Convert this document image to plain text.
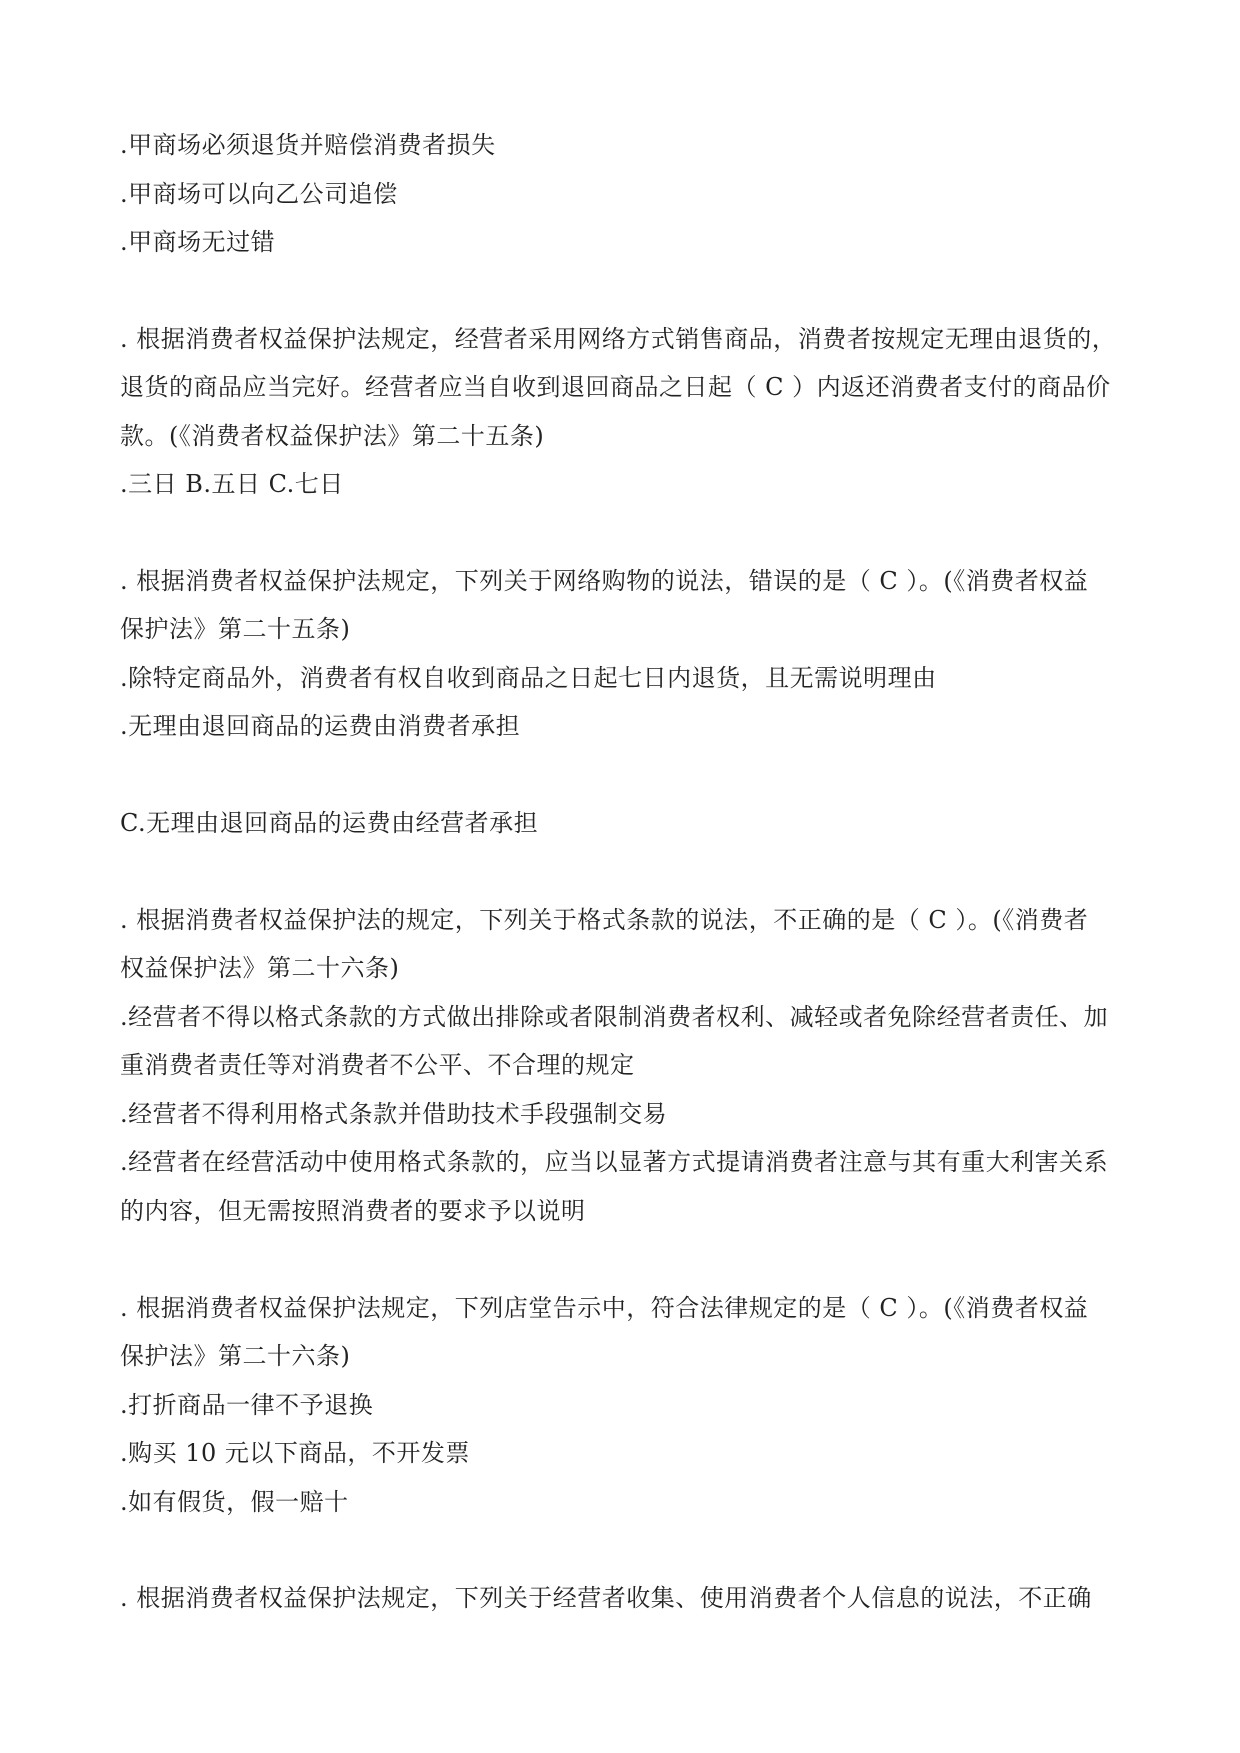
.甲商场必须退货并赔偿消费者损失
.甲商场可以向乙公司追偿
.甲商场无过错
. 根据消费者权益保护法规定，经营者采用网络方式销售商品，消费者按规定无理由退货的，
退货的商品应当完好。经营者应当自收到退回商品之日起（ C ）内返还消费者支付的商品价
款。(《消费者权益保护法》第二十五条)
.三日 B.五日 C.七日
. 根据消费者权益保护法规定，下列关于网络购物的说法，错误的是（ C ）。(《消费者权益
保护法》第二十五条)
.除特定商品外，消费者有权自收到商品之日起七日内退货，且无需说明理由
.无理由退回商品的运费由消费者承担
C.无理由退回商品的运费由经营者承担
. 根据消费者权益保护法的规定，下列关于格式条款的说法，不正确的是（ C ）。(《消费者
权益保护法》第二十六条)
.经营者不得以格式条款的方式做出排除或者限制消费者权利、减轻或者免除经营者责任、加
重消费者责任等对消费者不公平、不合理的规定
.经营者不得利用格式条款并借助技术手段强制交易
.经营者在经营活动中使用格式条款的，应当以显著方式提请消费者注意与其有重大利害关系
的内容，但无需按照消费者的要求予以说明
. 根据消费者权益保护法规定，下列店堂告示中，符合法律规定的是（ C ）。(《消费者权益
保护法》第二十六条)
.打折商品一律不予退换
.购买 10 元以下商品，不开发票
.如有假货，假一赔十
. 根据消费者权益保护法规定，下列关于经营者收集、使用消费者个人信息的说法，不正确
